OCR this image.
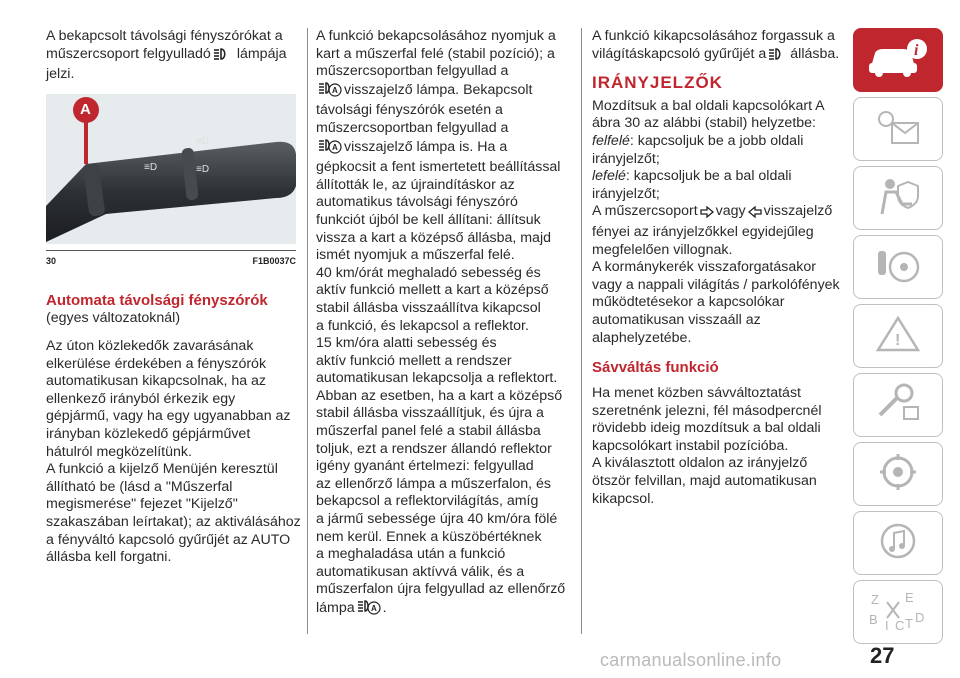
A bekapcsolt távolsági fényszórókat a
műszercsoport felgyulladó lámpája
jelzi.
≡D
≡D
≡D
A
30	F1B0037C
Automata távolsági fényszórók
(egyes változatoknál)
Az úton közlekedők zavarásának
elkerülése érdekében a fényszórók
automatikusan kikapcsolnak, ha az
ellenkező irányból érkezik egy
gépjármű, vagy ha egy ugyanabban az
irányban közlekedő gépjárművet
hátulról megközelítünk.
A funkció a kijelző Menüjén keresztül
állítható be (lásd a "Műszerfal
megismerése" fejezet "Kijelző"
szakaszában leírtakat); az aktiválásához
a fényváltó kapcsoló gyűrűjét az AUTO
állásba kell forgatni.
A funkció bekapcsolásához nyomjuk a
kart a műszerfal felé (stabil pozíció); a
műszercsoportban felgyullad a
A visszajelző lámpa. Bekapcsolt
távolsági fényszórók esetén a
műszercsoportban felgyullad a
A visszajelző lámpa is. Ha a
gépkocsit a fent ismertetett beállítással
állították le, az újraindításkor az
automatikus távolsági fényszóró
funkciót újból be kell állítani: állítsuk
vissza a kart a középső állásba, majd
ismét nyomjuk a műszerfal felé.
40 km/órát meghaladó sebesség és
aktív funkció mellett a kart a középső
stabil állásba visszaállítva kikapcsol
a funkció, és lekapcsol a reflektor.
15 km/óra alatti sebesség és
aktív funkció mellett a rendszer
automatikusan lekapcsolja a reflektort.
Abban az esetben, ha a kart a középső
stabil állásba visszaállítjuk, és újra a
műszerfal panel felé a stabil állásba
toljuk, ezt a rendszer állandó reflektor
igény gyanánt értelmezi: felgyullad
az ellenőrző lámpa a műszerfalon, és
bekapcsol a reflektorvilágítás, amíg
a jármű sebessége újra 40 km/óra fölé
nem kerül. Ennek a küszöbértéknek
a meghaladása után a funkció
automatikusan aktívvá válik, és a
műszerfalon újra felgyullad az ellenőrző
lámpa A .
A funkció kikapcsolásához forgassuk a
világításkapcsoló gyűrűjét a állásba.
IRÁNYJELZŐK
Mozdítsuk a bal oldali kapcsolókart A
ábra 30 az alábbi (stabil) helyzetbe:
felfelé: kapcsoljuk be a jobb oldali
irányjelzőt;
lefelé: kapcsoljuk be a bal oldali
irányjelzőt;
A műszercsoport vagy visszajelző
fényei az irányjelzőkkel egyidejűleg
megfelelően villognak.
A kormánykerék visszaforgatásakor
vagy a nappali világítás / parkolófények
működtetésekor a kapcsolókar
automatikusan visszaáll az
alaphelyzetébe.
Sávváltás funkció
Ha menet közben sávváltoztatást
szeretnénk jelezni, fél másodpercnél
rövidebb ideig mozdítsuk a bal oldali
kapcsolókart instabil pozícióba.
A kiválasztott oldalon az irányjelző
ötször felvillan, majd automatikusan
kikapcsol.
i
!
Z E
B I C T D
27
carmanualsonline.info
